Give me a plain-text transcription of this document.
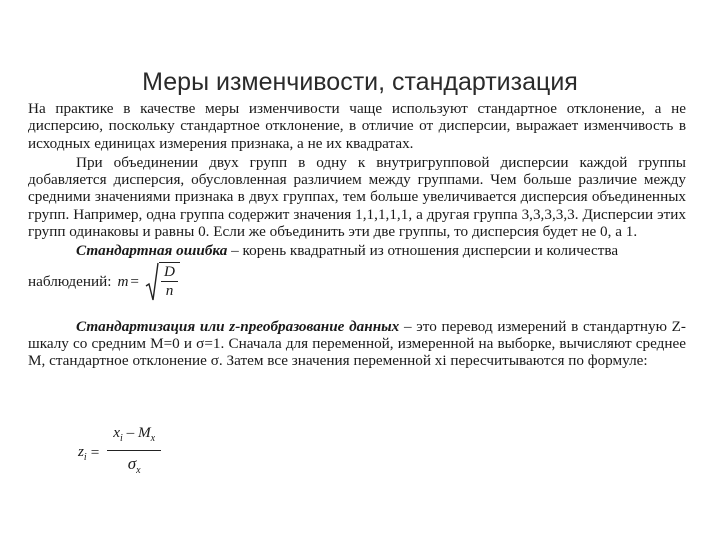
Меры изменчивости, стандартизация

На практике в качестве меры изменчивости чаще используют стандартное отклонение, а не дисперсию, поскольку стандартное отклонение, в отличие от дисперсии, выражает изменчивость в исходных единицах измерения признака, а не их квадратах.

При объединении двух групп в одну к внутригрупповой дисперсии каждой группы добавляется дисперсия, обусловленная различием между группами. Чем больше различие между средними значениями признака в двух группах, тем больше увеличивается дисперсия объединенных групп. Например, одна группа содержит значения 1,1,1,1,1, а другая группа 3,3,3,3,3. Дисперсии этих групп одинаковы и равны 0. Если же объединить эти две группы, то дисперсия будет не 0, а 1.

Стандартная ошибка – корень квадратный из отношения дисперсии и количества

наблюдений: $m = \frac{D}{n}$

Стандартизация или z-преобразование данных – это перевод измерений в стандартную Z-шкалу со средним М=0 и σ=1. Сначала для переменной, измеренной на выборке, вычисляют среднее М, стандартное отклонение σ. Затем все значения переменной xi пересчитываются по формуле:

$z_i = \frac{x_i - M_x}{\sigma_x}$
